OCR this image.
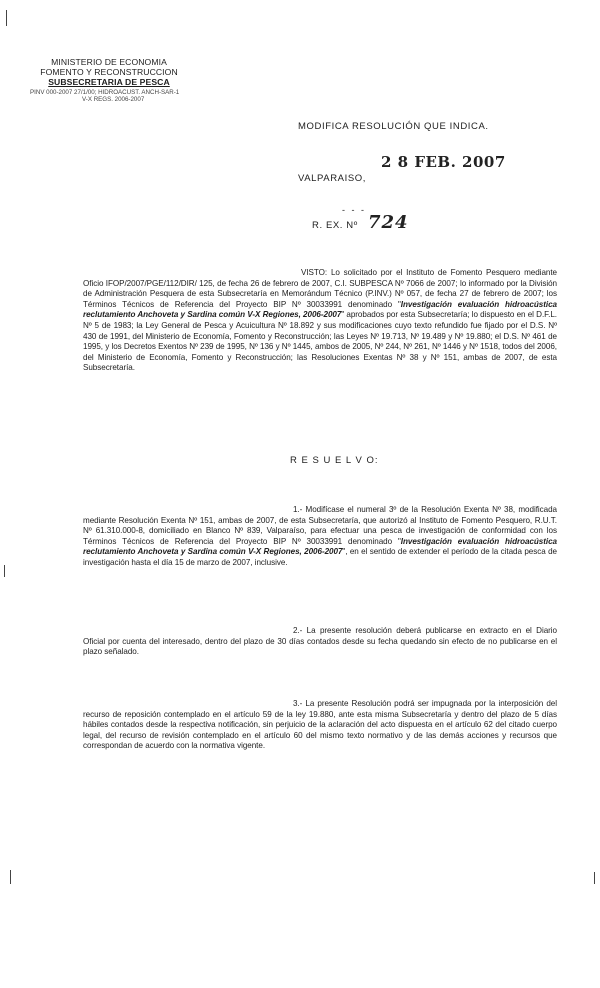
MINISTERIO DE ECONOMIA
FOMENTO Y RECONSTRUCCION
SUBSECRETARIA DE PESCA
PINV 000-2007 27/1/00; HIDROACUST. ANCH-SAR-1
V-X REGS. 2006-2007
MODIFICA RESOLUCIÓN QUE INDICA.
VALPARAISO,
2 8 FEB. 2007
- - -
R. EX. Nº 724

VISTO: Lo solicitado por el Instituto de Fomento Pesquero mediante Oficio IFOP/2007/PGE/112/DIR/ 125, de fecha 26 de febrero de 2007, C.I. SUBPESCA Nº 7066 de 2007; lo informado por la División de Administración Pesquera de esta Subsecretaría en Memorándum Técnico (P.INV.) Nº 057, de fecha 27 de febrero de 2007; los Términos Técnicos de Referencia del Proyecto BIP Nº 30033991 denominado "Investigación evaluación hidroacústica reclutamiento Anchoveta y Sardina común V-X Regiones, 2006-2007" aprobados por esta Subsecretaría; lo dispuesto en el D.F.L. Nº 5 de 1983; la Ley General de Pesca y Acuicultura Nº 18.892 y sus modificaciones cuyo texto refundido fue fijado por el D.S. Nº 430 de 1991, del Ministerio de Economía, Fomento y Reconstrucción; las Leyes Nº 19.713, Nº 19.489 y Nº 19.880; el D.S. Nº 461 de 1995, y los Decretos Exentos Nº 239 de 1995, Nº 136 y Nº 1445, ambos de 2005, Nº 244, Nº 261, Nº 1446 y Nº 1518, todos del 2006, del Ministerio de Economía, Fomento y Reconstrucción; las Resoluciones Exentas Nº 38 y Nº 151, ambas de 2007, de esta Subsecretaría.

R E S U E L V O:

1.- Modifícase el numeral 3º de la Resolución Exenta Nº 38, modificada mediante Resolución Exenta Nº 151, ambas de 2007, de esta Subsecretaría, que autorizó al Instituto de Fomento Pesquero, R.U.T. Nº 61.310.000-8, domiciliado en Blanco Nº 839, Valparaíso, para efectuar una pesca de investigación de conformidad con los Términos Técnicos de Referencia del Proyecto BIP Nº 30033991 denominado "Investigación evaluación hidroacústica reclutamiento Anchoveta y Sardina común V-X Regiones, 2006-2007", en el sentido de extender el período de la citada pesca de investigación hasta el día 15 de marzo de 2007, inclusive.

2.- La presente resolución deberá publicarse en extracto en el Diario Oficial por cuenta del interesado, dentro del plazo de 30 días contados desde su fecha quedando sin efecto de no publicarse en el plazo señalado.

3.- La presente Resolución podrá ser impugnada por la interposición del recurso de reposición contemplado en el artículo 59 de la ley 19.880, ante esta misma Subsecretaría y dentro del plazo de 5 días hábiles contados desde la respectiva notificación, sin perjuicio de la aclaración del acto dispuesta en el artículo 62 del citado cuerpo legal, del recurso de revisión contemplado en el artículo 60 del mismo texto normativo y de las demás acciones y recursos que correspondan de acuerdo con la normativa vigente.
